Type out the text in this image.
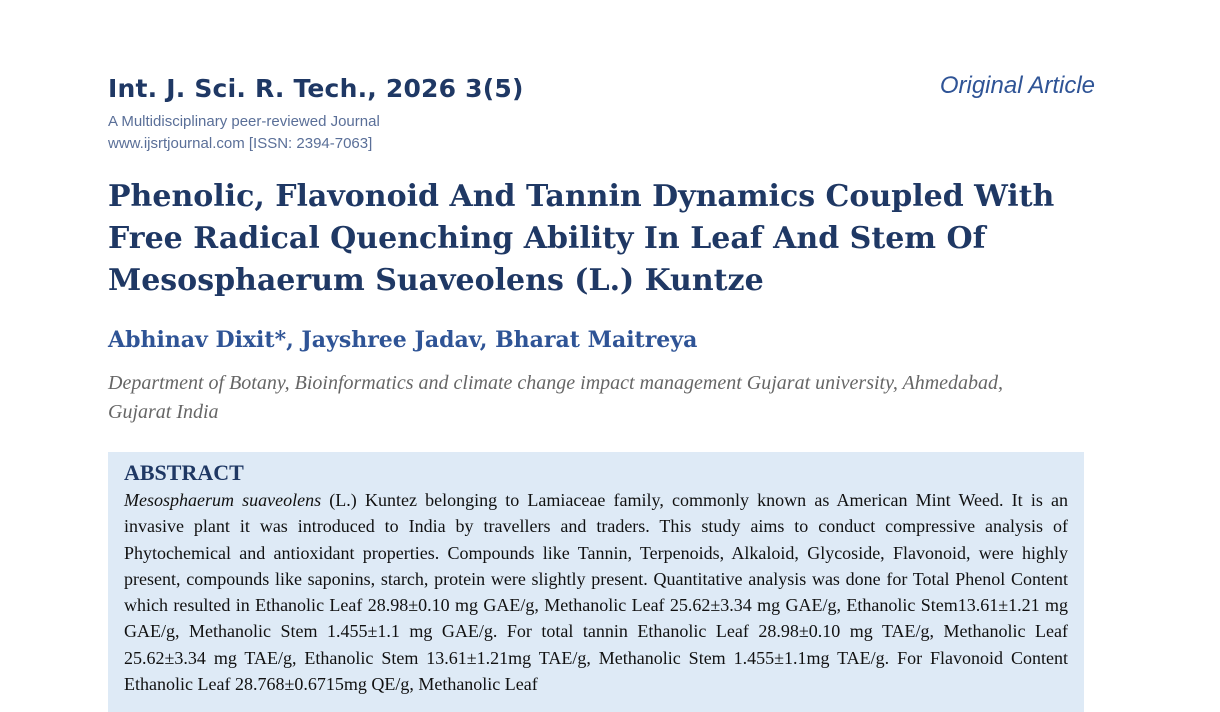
Int. J. Sci. R. Tech., 2026 3(5)
A Multidisciplinary peer-reviewed Journal
www.ijsrtjournal.com [ISSN: 2394-7063]
Original Article
Phenolic, Flavonoid And Tannin Dynamics Coupled With Free Radical Quenching Ability In Leaf And Stem Of Mesosphaerum Suaveolens (L.) Kuntze
Abhinav Dixit*, Jayshree Jadav, Bharat Maitreya
Department of Botany, Bioinformatics and climate change impact management Gujarat university, Ahmedabad, Gujarat India
ABSTRACT
Mesosphaerum suaveolens (L.) Kuntez belonging to Lamiaceae family, commonly known as American Mint Weed. It is an invasive plant it was introduced to India by travellers and traders. This study aims to conduct compressive analysis of Phytochemical and antioxidant properties. Compounds like Tannin, Terpenoids, Alkaloid, Glycoside, Flavonoid, were highly present, compounds like saponins, starch, protein were slightly present. Quantitative analysis was done for Total Phenol Content which resulted in Ethanolic Leaf 28.98±0.10 mg GAE/g, Methanolic Leaf 25.62±3.34 mg GAE/g, Ethanolic Stem13.61±1.21 mg GAE/g, Methanolic Stem 1.455±1.1 mg GAE/g. For total tannin Ethanolic Leaf 28.98±0.10 mg TAE/g, Methanolic Leaf 25.62±3.34 mg TAE/g, Ethanolic Stem 13.61±1.21mg TAE/g, Methanolic Stem 1.455±1.1mg TAE/g. For Flavonoid Content Ethanolic Leaf 28.768±0.6715mg QE/g, Methanolic Leaf
